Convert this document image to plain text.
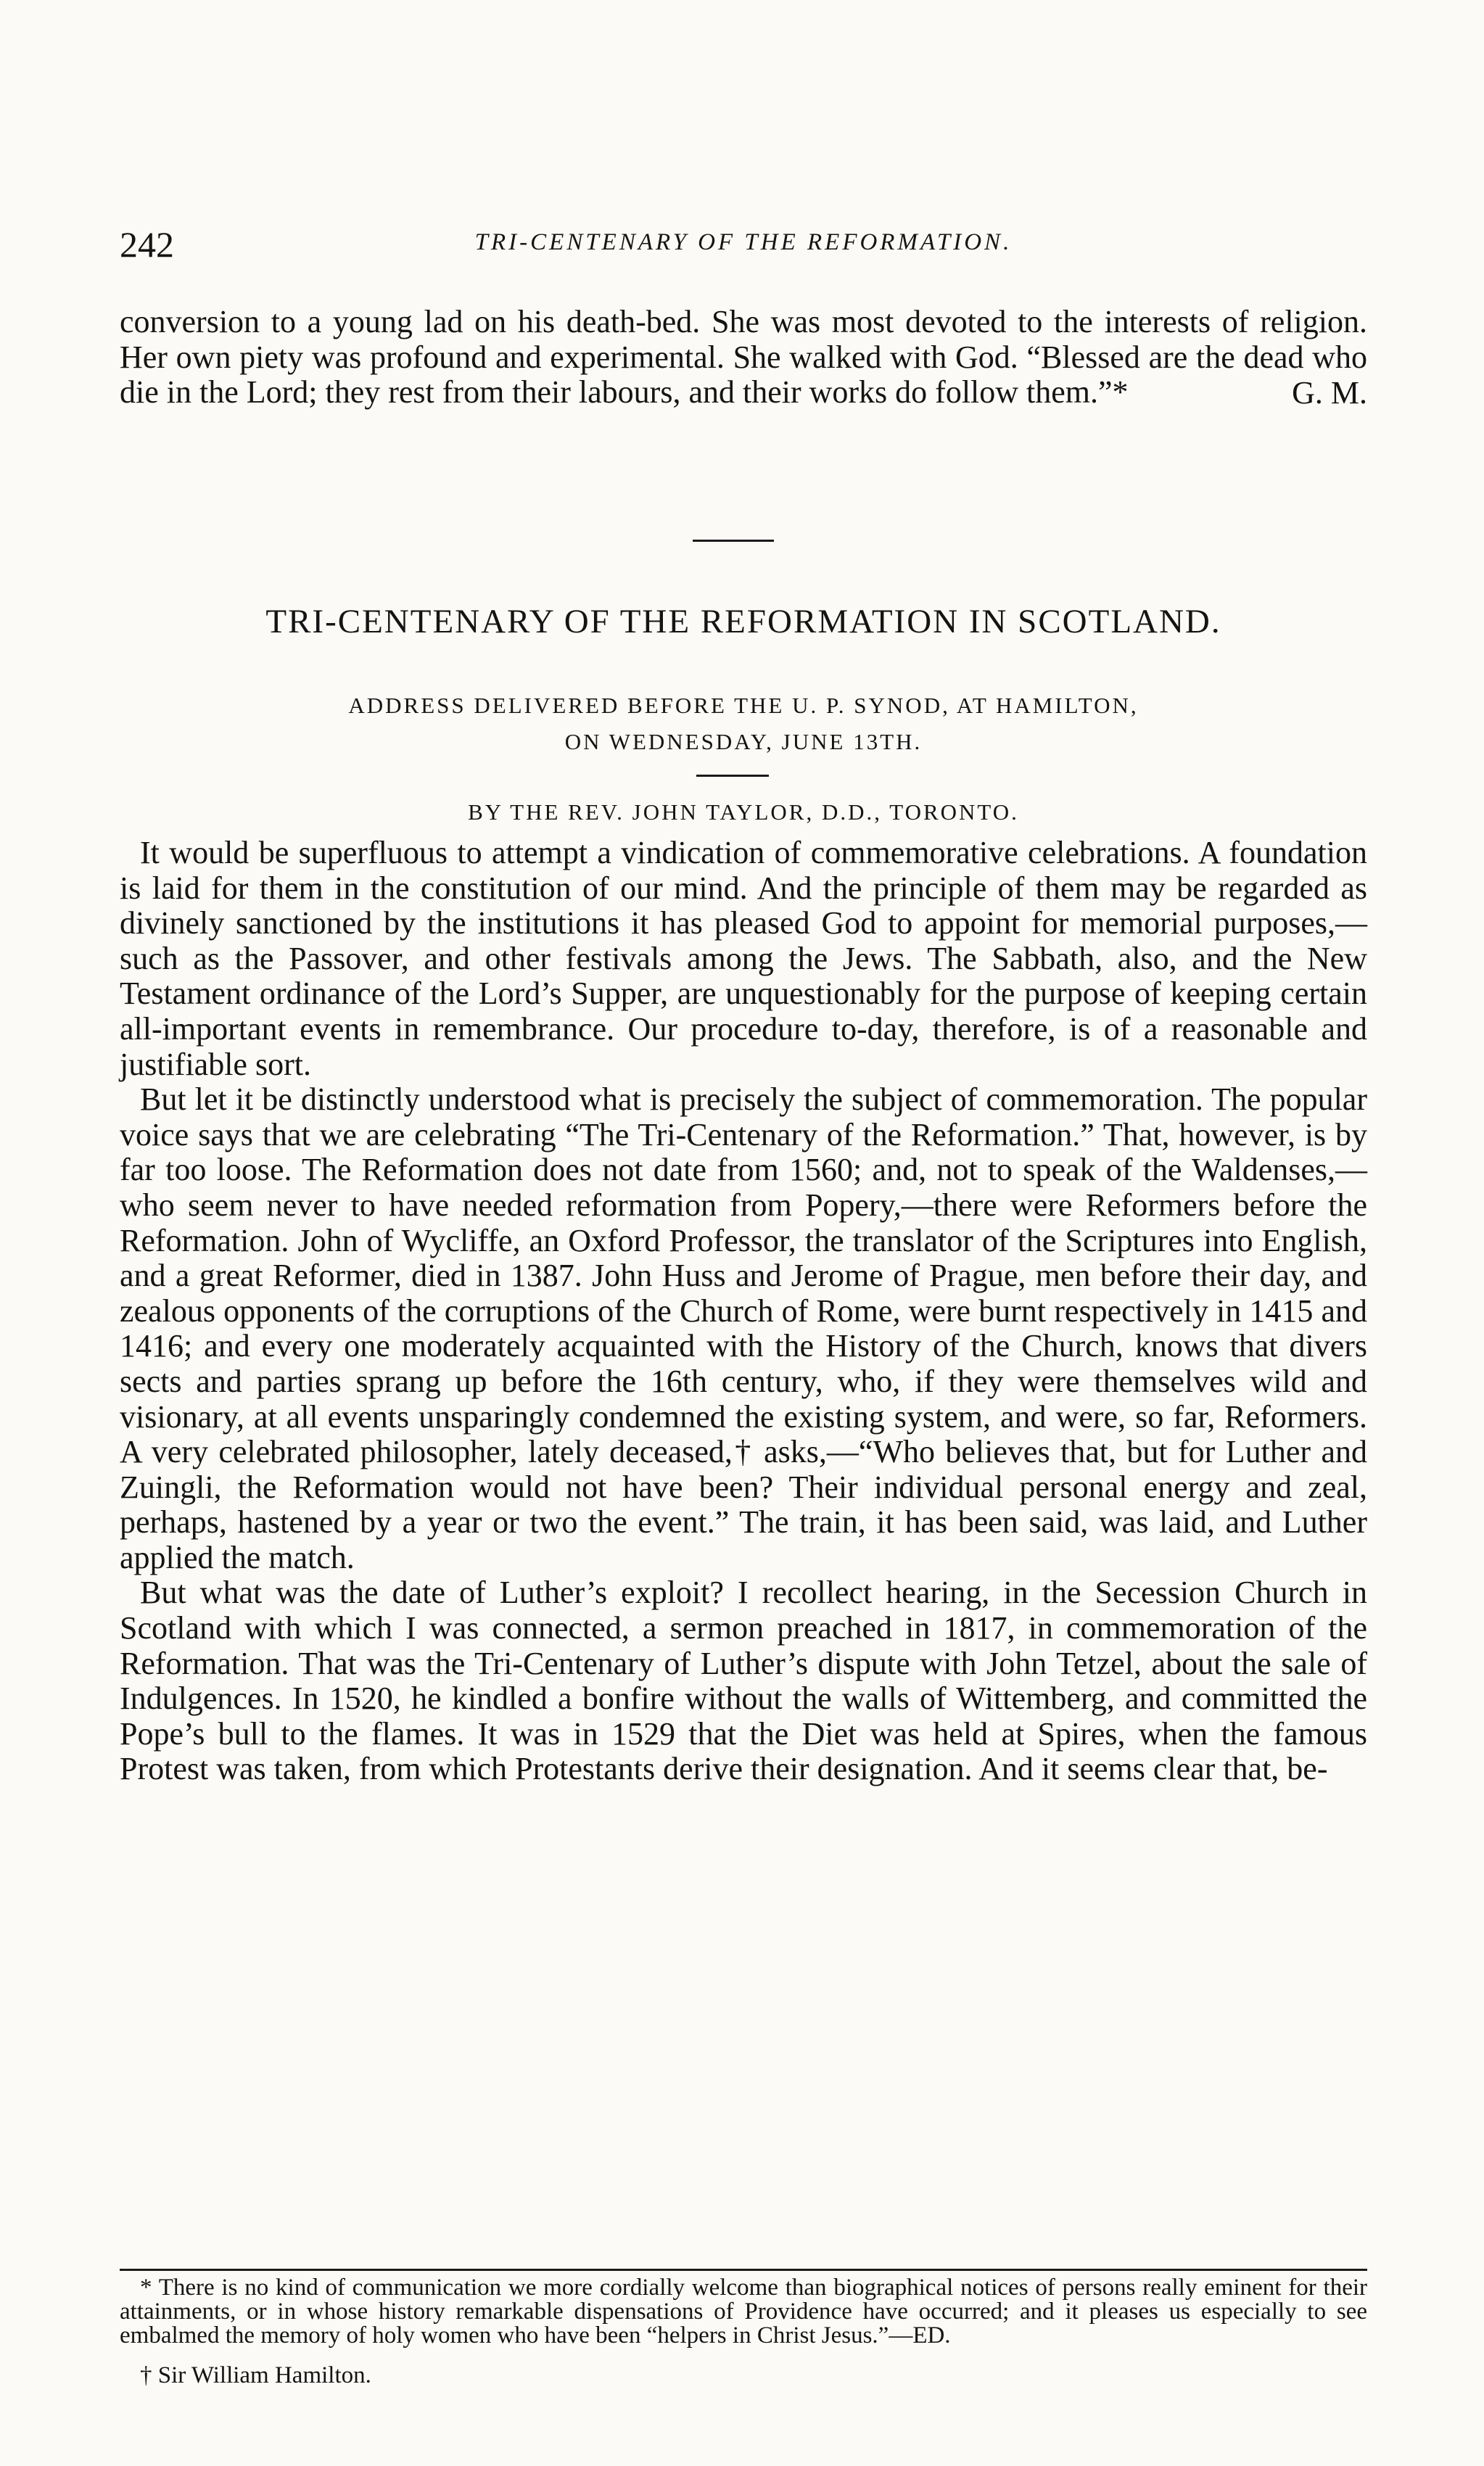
242	TRI-CENTENARY OF THE REFORMATION.

conversion to a young lad on his death-bed. She was most devoted to the interests of religion. Her own piety was profound and experimental. She walked with God. “Blessed are the dead who die in the Lord; they rest from their labours, and their works do follow them.”*	G. M.
TRI-CENTENARY OF THE REFORMATION IN SCOTLAND.
ADDRESS DELIVERED BEFORE THE U. P. SYNOD, AT HAMILTON,
ON WEDNESDAY, JUNE 13TH.
BY THE REV. JOHN TAYLOR, D.D., TORONTO.

It would be superfluous to attempt a vindication of commemorative celebrations. A foundation is laid for them in the constitution of our mind. And the principle of them may be regarded as divinely sanctioned by the institutions it has pleased God to appoint for memorial purposes,—such as the Passover, and other festivals among the Jews. The Sabbath, also, and the New Testament ordinance of the Lord’s Supper, are unquestionably for the purpose of keeping certain all-important events in remembrance. Our procedure to-day, therefore, is of a reasonable and justifiable sort.

But let it be distinctly understood what is precisely the subject of commemoration. The popular voice says that we are celebrating “The Tri-Centenary of the Reformation.” That, however, is by far too loose. The Reformation does not date from 1560; and, not to speak of the Waldenses,—who seem never to have needed reformation from Popery,—there were Reformers before the Reformation. John of Wycliffe, an Oxford Professor, the translator of the Scriptures into English, and a great Reformer, died in 1387. John Huss and Jerome of Prague, men before their day, and zealous opponents of the corruptions of the Church of Rome, were burnt respectively in 1415 and 1416; and every one moderately acquainted with the History of the Church, knows that divers sects and parties sprang up before the 16th century, who, if they were themselves wild and visionary, at all events unsparingly condemned the existing system, and were, so far, Reformers. A very celebrated philosopher, lately deceased,† asks,—“Who believes that, but for Luther and Zuingli, the Reformation would not have been? Their individual personal energy and zeal, perhaps, hastened by a year or two the event.” The train, it has been said, was laid, and Luther applied the match.

But what was the date of Luther’s exploit? I recollect hearing, in the Secession Church in Scotland with which I was connected, a sermon preached in 1817, in commemoration of the Reformation. That was the Tri-Centenary of Luther’s dispute with John Tetzel, about the sale of Indulgences. In 1520, he kindled a bonfire without the walls of Wittemberg, and committed the Pope’s bull to the flames. It was in 1529 that the Diet was held at Spires, when the famous Protest was taken, from which Protestants derive their designation. And it seems clear that, be-

* There is no kind of communication we more cordially welcome than biographical notices of persons really eminent for their attainments, or in whose history remarkable dispensations of Providence have occurred; and it pleases us especially to see embalmed the memory of holy women who have been “helpers in Christ Jesus.”—ED.

† Sir William Hamilton.
